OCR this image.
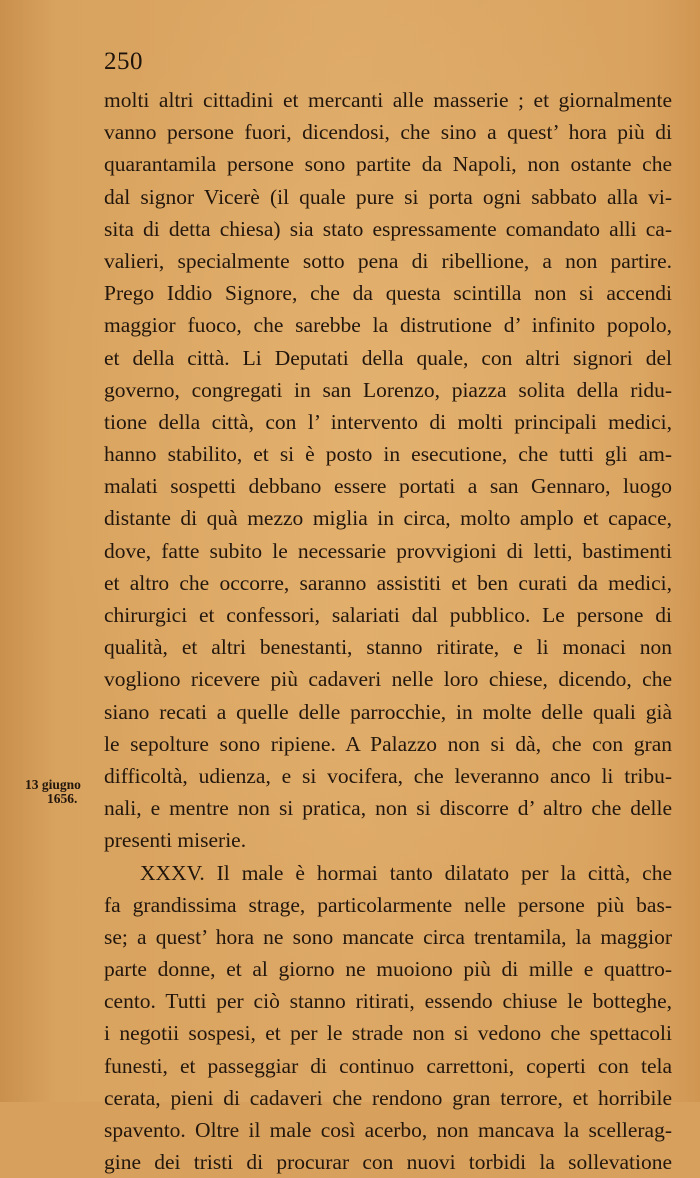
250
13 giugno
1656.
molti altri cittadini et mercanti alle masserie ; et giornalmente
vanno persone fuori, dicendosi, che sino a quest’ hora più di
quarantamila persone sono partite da Napoli, non ostante che
dal signor Vicerè (il quale pure si porta ogni sabbato alla vi-
sita di detta chiesa) sia stato espressamente comandato alli ca-
valieri, specialmente sotto pena di ribellione, a non partire.
Prego Iddio Signore, che da questa scintilla non si accendi
maggior fuoco, che sarebbe la distrutione d’ infinito popolo,
et della città. Li Deputati della quale, con altri signori del
governo, congregati in san Lorenzo, piazza solita della ridu-
tione della città, con l’ intervento di molti principali medici,
hanno stabilito, et si è posto in esecutione, che tutti gli am-
malati sospetti debbano essere portati a san Gennaro, luogo
distante di quà mezzo miglia in circa, molto amplo et capace,
dove, fatte subito le necessarie provvigioni di letti, bastimenti
et altro che occorre, saranno assistiti et ben curati da medici,
chirurgici et confessori, salariati dal pubblico. Le persone di
qualità, et altri benestanti, stanno ritirate, e li monaci non
vogliono ricevere più cadaveri nelle loro chiese, dicendo, che
siano recati a quelle delle parrocchie, in molte delle quali già
le sepolture sono ripiene. A Palazzo non si dà, che con gran
difficoltà, udienza, e si vocifera, che leveranno anco li tribu-
nali, e mentre non si pratica, non si discorre d’ altro che delle
presenti miserie.
XXXV. Il male è hormai tanto dilatato per la città, che
fa grandissima strage, particolarmente nelle persone più bas-
se; a quest’ hora ne sono mancate circa trentamila, la maggior
parte donne, et al giorno ne muoiono più di mille e quattro-
cento. Tutti per ciò stanno ritirati, essendo chiuse le botteghe,
i negotii sospesi, et per le strade non si vedono che spettacoli
funesti, et passeggiar di continuo carrettoni, coperti con tela
cerata, pieni di cadaveri che rendono gran terrore, et horribile
spavento. Oltre il male così acerbo, non mancava la scellerag-
gine dei tristi di procurar con nuovi torbidi la sollevatione
